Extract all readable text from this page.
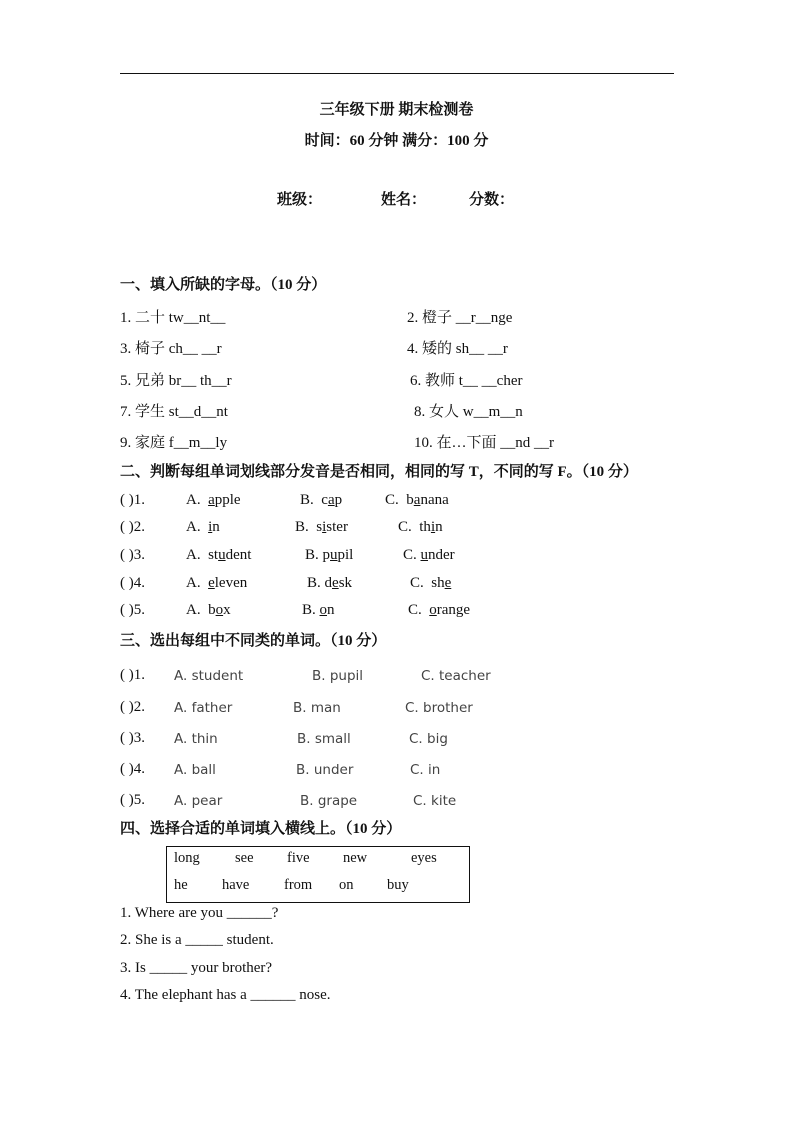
三年级下册 期末检测卷
时间：60 分钟 满分：100 分
班级：	姓名：	分数：
一、填入所缺的字母。（10 分）
1. 二十 tw__nt__	2. 橙子 __r__nge
3. 椅子 ch__ __r	4. 矮的 sh__ __r
5. 兄弟 br__ th__r	6. 教师 t__ __cher
7. 学生 st__d__nt	8. 女人 w__m__n
9. 家庭 f__m__ly	10. 在…下面 __nd __r
二、判断每组单词划线部分发音是否相同，相同的写 T，不同的写 F。（10 分）
( )1.	A. apple	B. cap	C. banana
( )2.	A. in	B. sister	C. thin
( )3.	A. student	B. pupil	C. under
( )4.	A. eleven	B. desk	C. she
( )5.	A. box	B. on	C. orange
三、选出每组中不同类的单词。（10 分）
( )1. A. student	B. pupil	C. teacher
( )2. A. father	B. man	C. brother
( )3. A. thin	B. small	C. big
( )4. A. ball	B. under	C. in
( )5. A. pear	B. grape	C. kite
四、选择合适的单词填入横线上。（10 分）
long see five new	eyes
he have from on buy
1. Where are you ______?
2. She is a _____ student.
3. Is _____ your brother?
4. The elephant has a ______ nose.
